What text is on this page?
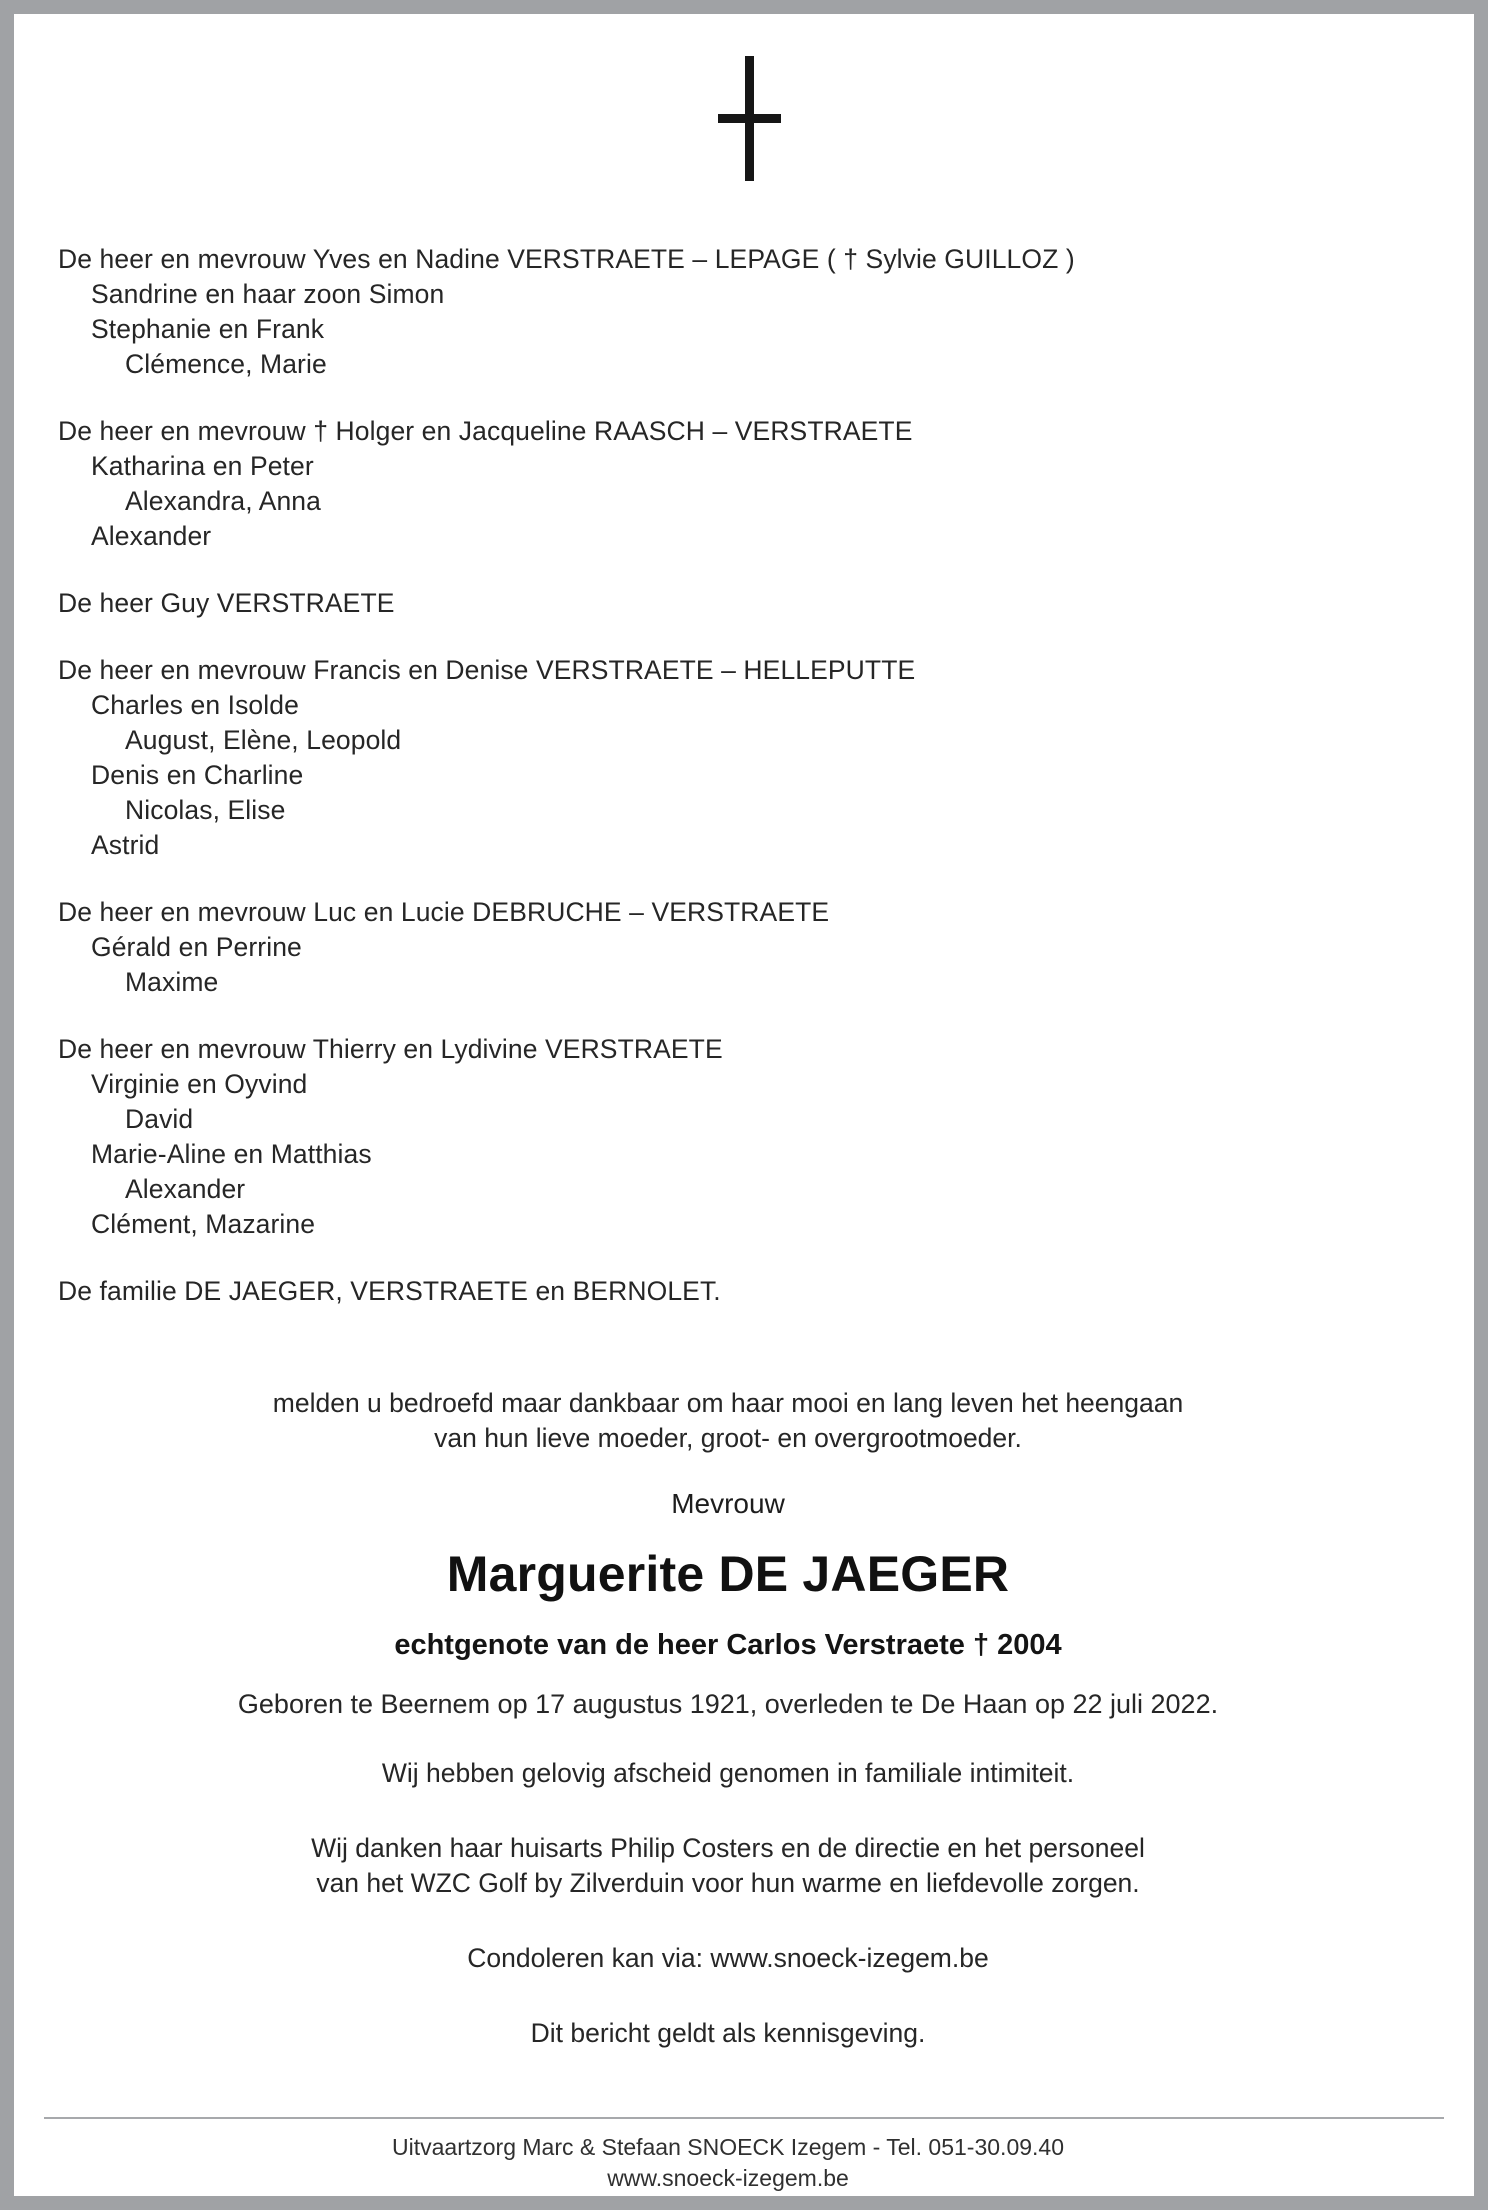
De heer en mevrouw Yves en Nadine VERSTRAETE – LEPAGE ( † Sylvie GUILLOZ )
Sandrine en haar zoon Simon
Stephanie en Frank
Clémence, Marie
De heer en mevrouw † Holger en Jacqueline RAASCH – VERSTRAETE
Katharina en Peter
Alexandra, Anna
Alexander
De heer Guy VERSTRAETE
De heer en mevrouw Francis en Denise VERSTRAETE – HELLEPUTTE
Charles en Isolde
August, Elène, Leopold
Denis en Charline
Nicolas, Elise
Astrid
De heer en mevrouw Luc en Lucie DEBRUCHE – VERSTRAETE
Gérald en Perrine
Maxime
De heer en mevrouw Thierry en Lydivine VERSTRAETE
Virginie en Oyvind
David
Marie-Aline en Matthias
Alexander
Clément, Mazarine
De familie DE JAEGER, VERSTRAETE en BERNOLET.
melden u bedroefd maar dankbaar om haar mooi en lang leven het heengaan
van hun lieve moeder, groot- en overgrootmoeder.
Mevrouw
Marguerite DE JAEGER
echtgenote van de heer Carlos Verstraete † 2004
Geboren te Beernem op 17 augustus 1921, overleden te De Haan op 22 juli 2022.
Wij hebben gelovig afscheid genomen in familiale intimiteit.
Wij danken haar huisarts Philip Costers en de directie en het personeel
van het WZC Golf by Zilverduin voor hun warme en liefdevolle zorgen.
Condoleren kan via: www.snoeck-izegem.be
Dit bericht geldt als kennisgeving.
Uitvaartzorg Marc & Stefaan SNOECK Izegem - Tel. 051-30.09.40
www.snoeck-izegem.be
